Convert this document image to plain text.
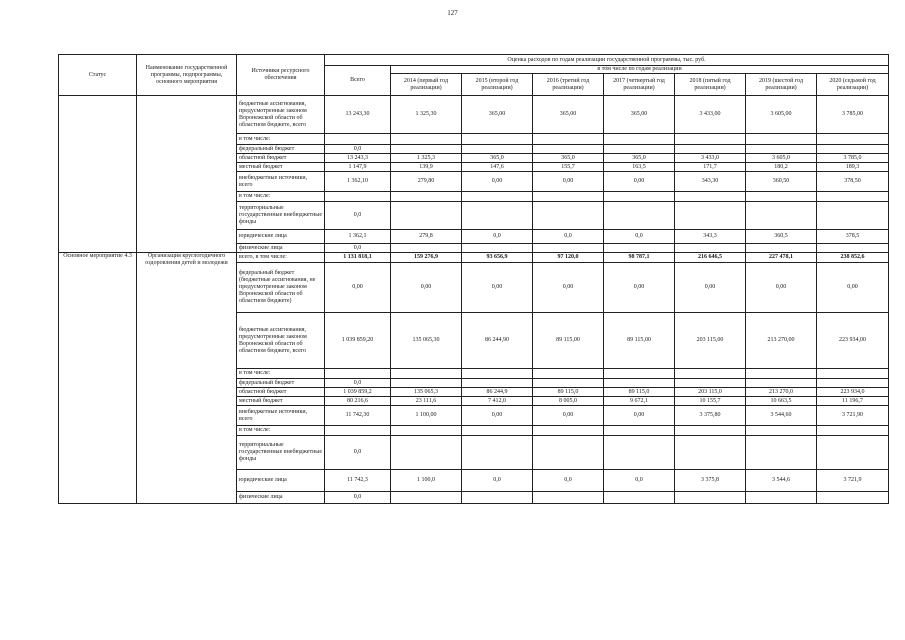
127
Статус	Наименование государственной программы, подпрограммы, основного мероприятия	Источники ресурсного обеспечения	Оценка расходов по годам реализации государственной программы, тыс. руб.							
			Всего	в том числе по годам реализации						
				2014 (первый год реализации)	2015 (второй год реализации)	2016 (третий год реализации)	2017 (четвертый год реализации)	2018 (пятый год реализации)	2019 (шестой год реализации)	2020 (седьмой год реализации)
		бюджетные ассигнования, предусмотренные законом Воронежской области об областном бюджете, всего	13 243,30	1 325,30	365,00	365,00	365,00	3 433,00	3 605,00	3 785,00
		в том числе:								
		федеральный бюджет	0,0							
		областной бюджет	13 243,3	1 325,3	365,0	365,0	365,0	3 433,0	3 605,0	3 785,0
		местный бюджет	1 147,9	139,9	147,6	155,7	163,5	171,7	180,2	189,3
		внебюджетные источники, всего	1 362,10	279,80	0,00	0,00	0,00	343,30	360,50	378,50
		в том числе:								
		территориальные государственные внебюджетные фонды	0,0							
		юридические лица	1 362,1	279,8	0,0	0,0	0,0	343,3	360,5	378,5
		физические лица	0,0							
Основное мероприятие 4.3	Организация круглогодичного оздоровления детей и молодежи	всего, в том числе:	1 131 818,1	159 276,9	93 656,9	97 120,0	98 787,1	216 646,5	227 478,1	238 852,6
		федеральный бюджет (бюджетные ассигнования, не предусмотренные законом Воронежской области об областном бюджете)	0,00	0,00	0,00	0,00	0,00	0,00	0,00	0,00
		бюджетные ассигнования, предусмотренные законом Воронежской области об областном бюджете, всего	1 039 859,20	135 065,30	86 244,90	89 115,00	89 115,00	203 115,00	213 270,00	223 934,00
		в том числе:								
		федеральный бюджет	0,0							
		областной бюджет	1 039 859,2	135 065,3	86 244,9	89 115,0	89 115,0	203 115,0	213 270,0	223 934,0
		местный бюджет	80 216,6	23 111,6	7 412,0	8 005,0	9 672,1	10 155,7	10 663,5	11 196,7
		внебюджетные источники, всего	11 742,30	1 100,00	0,00	0,00	0,00	3 375,80	3 544,60	3 721,90
		в том числе:								
		территориальные государственные внебюджетные фонды	0,0							
		юридические лица	11 742,3	1 100,0	0,0	0,0	0,0	3 375,8	3 544,6	3 721,9
		физические лица	0,0							
